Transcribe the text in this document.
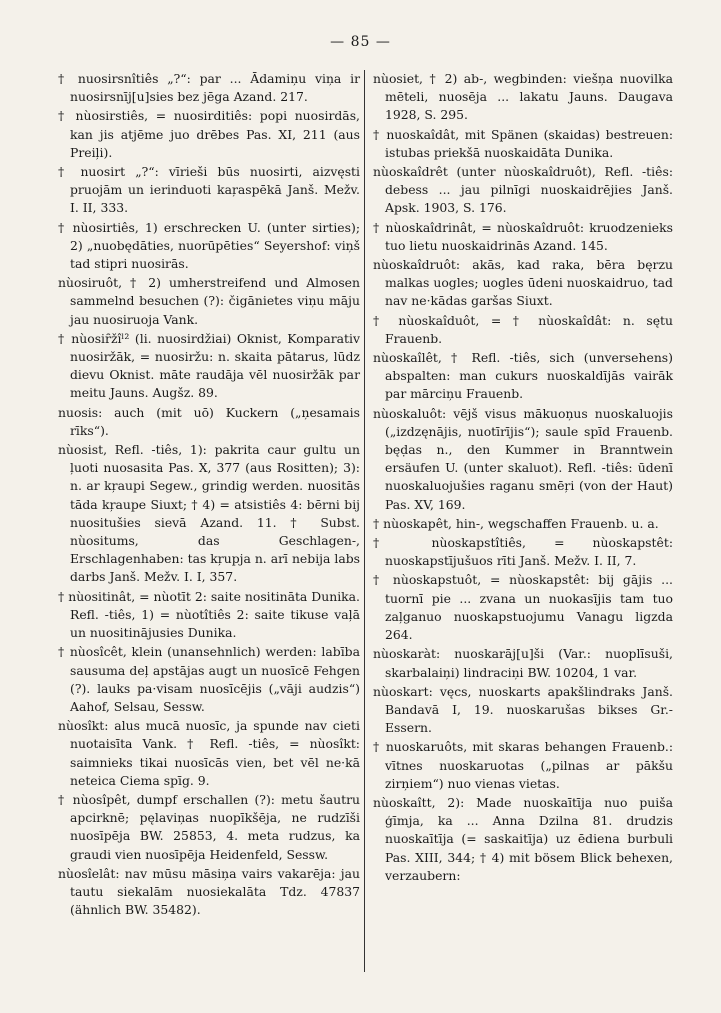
— 85 —

† nuosirsnîtiês „?“: par ... Ādamiņu viņa ir nuosirsnīj[u]sies bez jēga Azand. 217.

† nùosirstiês, = nuosirditiês: popi nuosirdās, kan jis atjēme juo drēbes Pas. XI, 211 (aus Preiļi).

† nuosirt „?“: vīrieši būs nuosirti, aizvęsti pruojām un ierinduoti kaŗaspēkā Janš. Mežv. I. II, 333.

† nùosirtiês, 1) erschrecken U. (unter sirties); 2) „nuobędāties, nuorūpēties“ Seyershof: viņš tad stipri nuosirās.

nùosiruôt, † 2) umherstreifend und Almosen sammelnd besuchen (?): čigānietes viņu māju jau nuosiruoja Vank.

† nùosiȓžîˡ² (li. nuosirdžiai) Oknist, Komparativ nuosiržāk, = nuosiržu: n. skaita pātarus, lūdz dievu Oknist. māte raudāja vēl nuosiržāk par meitu Jauns. Augšz. 89.

nuosis: auch (mit uō) Kuckern („ņesamais rīks“).

nùosist, Refl. -tiês, 1): pakrita caur gultu un ļuoti nuosasita Pas. X, 377 (aus Rositten); 3): n. ar kŗaupi Segew., grindig werden. nuositās tāda kŗaupe Siuxt; † 4) = atsistiês 4: bērni bij nuositušies sievā Azand. 11. † Subst. nùositums, das Geschlagen-, Erschlagenhaben: tas kŗupja n. arī nebija labs darbs Janš. Mežv. I. I, 357.

† nùositinât, = nùotīt 2: saite nositināta Dunika. Refl. -tiês, 1) = nùotîtiês 2: saite tikuse vaļā un nuositinājusies Dunika.

† nùosîcêt, klein (unansehnlich) werden: labība sausuma deļ apstājas augt un nuosīcē Fehgen (?). lauks pa·visam nuosīcējis („vāji audzis“) Aahof, Selsau, Sessw.

nùosîkt: alus mucā nuosīc, ja spunde nav cieti nuotaisīta Vank. † Refl. -tiês, = nùosîkt: saimnieks tikai nuosīcās vien, bet vēl ne·kā neteica Ciema spīg. 9.

† nùosîpêt, dumpf erschallen (?): metu šautru apcirknē; pęlaviņas nuopīkšēja, ne rudzīši nuosīpēja BW. 25853, 4. meta rudzus, ka graudi vien nuosīpēja Heidenfeld, Sessw.

nùosîelât: nav mūsu māsiņa vairs vakarēja: jau tautu siekalām nuosiekalāta Tdz. 47837 (ähnlich BW. 35482).

nùosiet, † 2) ab-, wegbinden: viešņa nuovilka mēteli, nuosēja ... lakatu Jauns. Daugava 1928, S. 295.

† nuoskaîdât, mit Spänen (skaidas) bestreuen: istubas priekšā nuoskaidāta Dunika.

nùoskaîdrêt (unter nùoskaîdruôt), Refl. -tiês: debess ... jau pilnīgi nuoskaidrējies Janš. Apsk. 1903, S. 176.

† nùoskaîdrinât, = nùoskaîdruôt: kruodzenieks tuo lietu nuoskaidrinās Azand. 145.

nùoskaîdruôt: akās, kad raka, bēra bęrzu malkas uogles; uogles ūdeni nuoskaidruo, tad nav ne·kādas garšas Siuxt.

† nùoskaîduôt, = † nùoskaîdât: n. sętu Frauenb.

nùoskaîlêt, † Refl. -tiês, sich (unversehens) abspalten: man cukurs nuoskaldījās vairāk par mārciņu Frauenb.

nùoskaluôt: vējš visus mākuoņus nuoskaluojis („izdzęnājis, nuotīrījis“); saule spīd Frauenb. bęḍas n., den Kummer in Branntwein ersäufen U. (unter skaluot). Refl. -tiês: ūdenī nuoskaluojušies raganu smēŗi (von der Haut) Pas. XV, 169.

† nùoskapêt, hin-, wegschaffen Frauenb. u. a.

† nùoskapstîtiês, = nùoskapstêt: nuoskapstījušuos rīti Janš. Mežv. I. II, 7.

† nùoskapstuôt, = nùoskapstêt: bij gājis ... tuornī pie ... zvana un nuokasījis tam tuo zaļganuo nuoskapstuojumu Vanagu ligzda 264.

nùoskaràt: nuoskarāj[u]ši (Var.: nuoplīsuši, skarbalaiņi) lindraciņi BW. 10204, 1 var.

nùoskart: vęcs, nuoskarts apakšlindraks Janš. Bandavā I, 19. nuoskarušas bikses Gr.-Essern.

† nuoskaruôts, mit skaras behangen Frauenb.: vītnes nuoskaruotas („pilnas ar pākšu zirņiem“) nuo vienas vietas.

nùoskaîtt, 2): Made nuoskaītīja nuo puiša ģīmja, ka ... Anna Dzilna 81. drudzis nuoskaītīja (= saskaitīja) uz ēdiena burbuli Pas. XIII, 344; † 4) mit bösem Blick behexen, verzaubern:
